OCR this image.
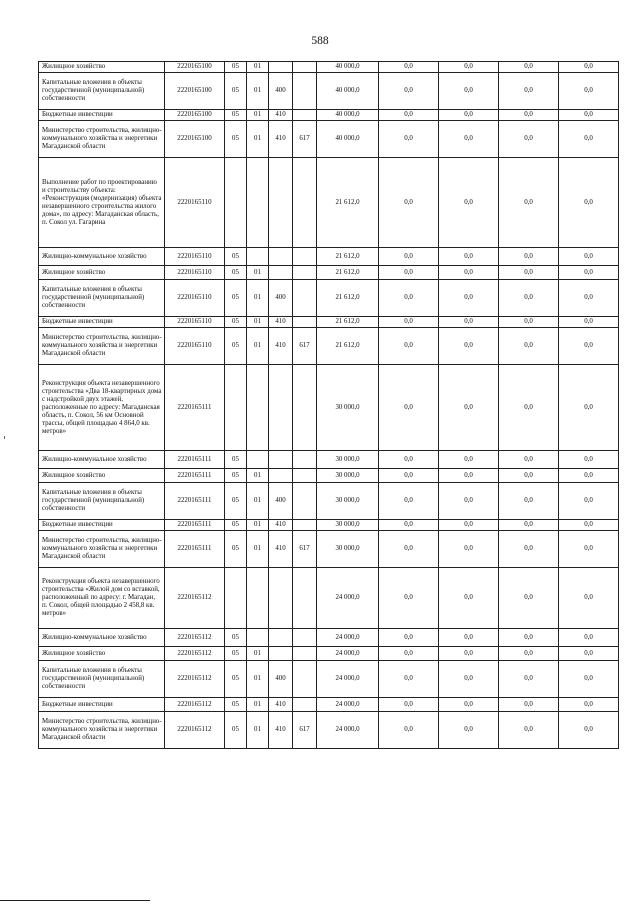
588
Жилищное хозяйство	2220165100	05	01			40 000,0	0,0	0,0	0,0	0,0
Капитальные вложения в объекты государственной (муниципальной) собственности	2220165100	05	01	400		40 000,0	0,0	0,0	0,0	0,0
Бюджетные инвестиции	2220165100	05	01	410		40 000,0	0,0	0,0	0,0	0,0
Министерство строительства, жилищно-коммунального хозяйства и энергетики Магаданской области	2220165100	05	01	410	617	40 000,0	0,0	0,0	0,0	0,0
Выполнение работ по проектированию и строительству объекта: «Реконструкция (модернизация) объекта незавершенного строительства жилого дома», по адресу: Магаданская область, п. Сокол ул. Гагарина	2220165110					21 612,0	0,0	0,0	0,0	0,0
Жилищно-коммунальное хозяйство	2220165110	05				21 612,0	0,0	0,0	0,0	0,0
Жилищное хозяйство	2220165110	05	01			21 612,0	0,0	0,0	0,0	0,0
Капитальные вложения в объекты государственной (муниципальной) собственности	2220165110	05	01	400		21 612,0	0,0	0,0	0,0	0,0
Бюджетные инвестиции	2220165110	05	01	410		21 612,0	0,0	0,0	0,0	0,0
Министерство строительства, жилищно-коммунального хозяйства и энергетики Магаданской области	2220165110	05	01	410	617	21 612,0	0,0	0,0	0,0	0,0
Реконструкция объекта незавершенного строительства «Два 18-квартирных дома с надстройкой двух этажей, расположенные по адресу: Магаданская область, п. Сокол, 56 км Основной трассы, общей площадью 4 864,0 кв. метров»	2220165111					30 000,0	0,0	0,0	0,0	0,0
Жилищно-коммунальное хозяйство	2220165111	05				30 000,0	0,0	0,0	0,0	0,0
Жилищное хозяйство	2220165111	05	01			30 000,0	0,0	0,0	0,0	0,0
Капитальные вложения в объекты государственной (муниципальной) собственности	2220165111	05	01	400		30 000,0	0,0	0,0	0,0	0,0
Бюджетные инвестиции	2220165111	05	01	410		30 000,0	0,0	0,0	0,0	0,0
Министерство строительства, жилищно-коммунального хозяйства и энергетики Магаданской области	2220165111	05	01	410	617	30 000,0	0,0	0,0	0,0	0,0
Реконструкция объекта незавершенного строительства «Жилой дом со вставкой, расположенный по адресу: г. Магадан, п. Сокол, общей площадью 2 458,8 кв. метров»	2220165112					24 000,0	0,0	0,0	0,0	0,0
Жилищно-коммунальное хозяйство	2220165112	05				24 000,0	0,0	0,0	0,0	0,0
Жилищное хозяйство	2220165112	05	01			24 000,0	0,0	0,0	0,0	0,0
Капитальные вложения в объекты государственной (муниципальной) собственности	2220165112	05	01	400		24 000,0	0,0	0,0	0,0	0,0
Бюджетные инвестиции	2220165112	05	01	410		24 000,0	0,0	0,0	0,0	0,0
Министерство строительства, жилищно-коммунального хозяйства и энергетики Магаданской области	2220165112	05	01	410	617	24 000,0	0,0	0,0	0,0	0,0
